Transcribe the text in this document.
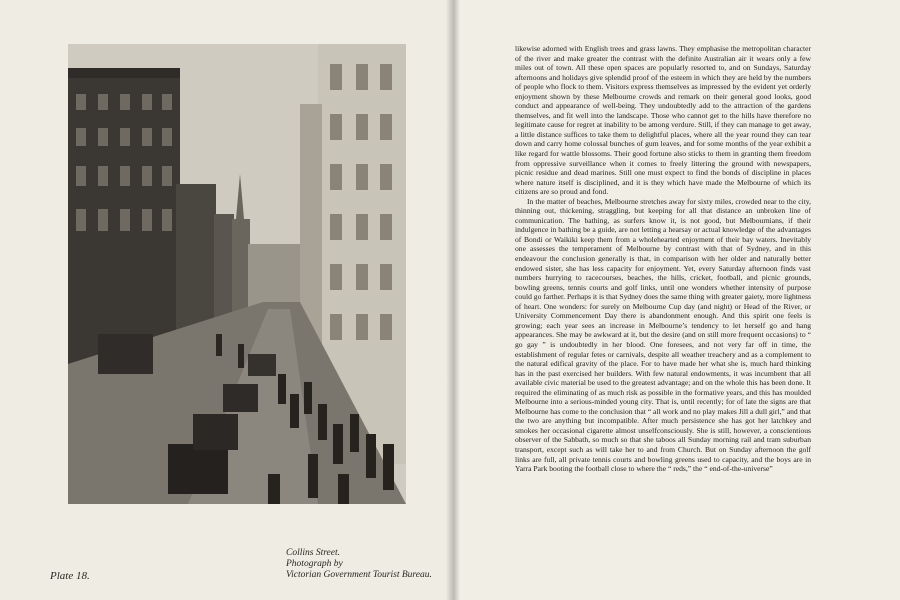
Plate 18.
Collins Street.
Photograph by
Victorian Government Tourist Bureau.

likewise adorned with English trees and grass lawns. They emphasise the metropolitan character of the river and make greater the contrast with the definite Australian air it wears only a few miles out of town. All these open spaces are popularly resorted to, and on Sundays, Saturday afternoons and holidays give splendid proof of the esteem in which they are held by the numbers of people who flock to them. Visitors express themselves as impressed by the evident yet orderly enjoyment shown by these Melbourne crowds and remark on their general good looks, good conduct and appearance of well-being. They undoubtedly add to the attraction of the gardens themselves, and fit well into the landscape. Those who cannot get to the hills have therefore no legitimate cause for regret at inability to be among verdure. Still, if they can manage to get away, a little distance suffices to take them to delightful places, where all the year round they can tear down and carry home colossal bunches of gum leaves, and for some months of the year exhibit a like regard for wattle blossoms. Their good fortune also sticks to them in granting them freedom from oppressive surveillance when it comes to freely littering the ground with newspapers, picnic residue and dead marines. Still one must expect to find the bonds of discipline in places where nature itself is disciplined, and it is they which have made the Melbourne of which its citizens are so proud and fond.

In the matter of beaches, Melbourne stretches away for sixty miles, crowded near to the city, thinning out, thickening, straggling, but keeping for all that distance an unbroken line of communication. The bathing, as surfers know it, is not good, but Melbournians, if their indulgence in bathing be a guide, are not letting a hearsay or actual knowledge of the advantages of Bondi or Waikiki keep them from a wholehearted enjoyment of their bay waters. Inevitably one assesses the temperament of Melbourne by contrast with that of Sydney, and in this endeavour the conclusion generally is that, in comparison with her older and naturally better endowed sister, she has less capacity for enjoyment. Yet, every Saturday afternoon finds vast numbers hurrying to racecourses, beaches, the hills, cricket, football, and picnic grounds, bowling greens, tennis courts and golf links, until one wonders whether intensity of purpose could go farther. Perhaps it is that Sydney does the same thing with greater gaiety, more lightness of heart. One wonders: for surely on Melbourne Cup day (and night) or Head of the River, or University Commencement Day there is abandonment enough. And this spirit one feels is growing; each year sees an increase in Melbourne’s tendency to let herself go and hang appearances. She may be awkward at it, but the desire (and on still more frequent occasions) to “ go gay ” is undoubtedly in her blood. One foresees, and not very far off in time, the establishment of regular fetes or carnivals, despite all weather treachery and as a complement to the natural edifical gravity of the place. For to have made her what she is, much hard thinking has in the past exercised her builders. With few natural endowments, it was incumbent that all available civic material be used to the greatest advantage; and on the whole this has been done. It required the eliminating of as much risk as possible in the formative years, and this has moulded Melbourne into a serious-minded young city. That is, until recently; for of late the signs are that Melbourne has come to the conclusion that “ all work and no play makes Jill a dull girl,” and that the two are anything but incompatible. After much persistence she has got her latchkey and smokes her occasional cigarette almost unselfconsciously. She is still, however, a conscientious observer of the Sabbath, so much so that she taboos all Sunday morning rail and tram suburban transport, except such as will take her to and from Church. But on Sunday afternoon the golf links are full, all private tennis courts and bowling greens used to capacity, and the boys are in Yarra Park booting the football close to where the “ reds,” the “ end-of-the-universe”
